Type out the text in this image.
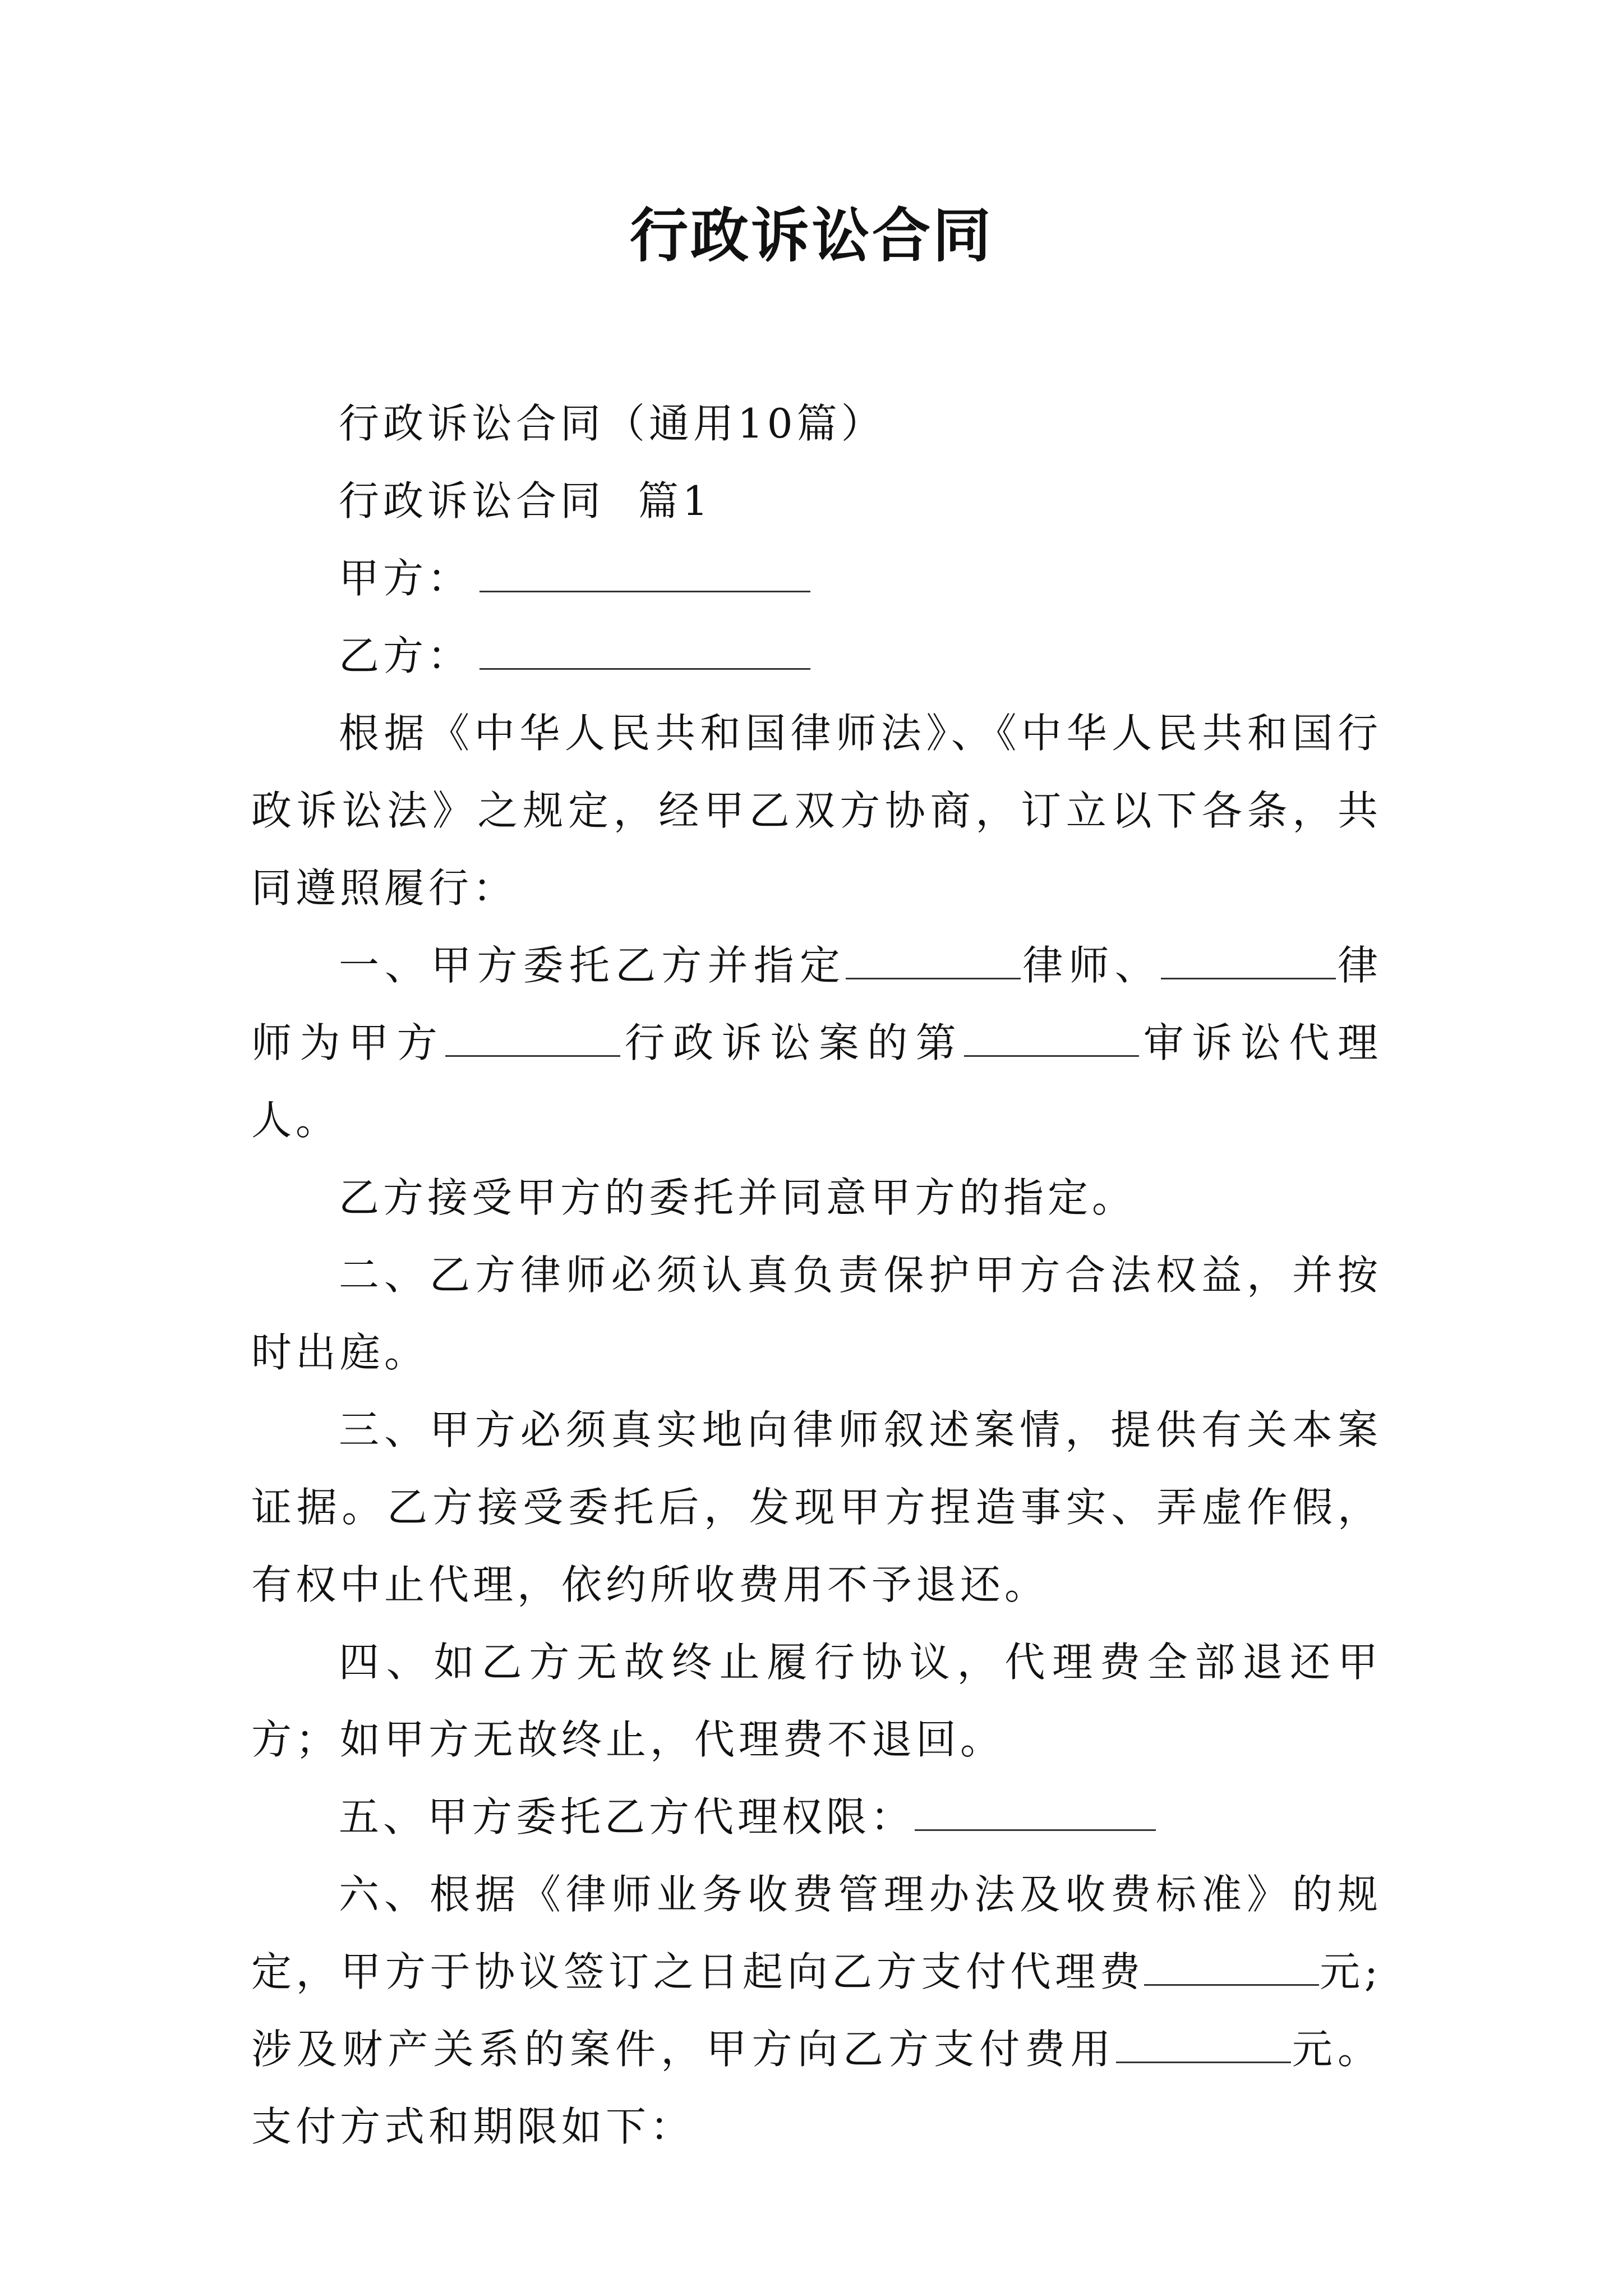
行政诉讼合同

行政诉讼合同（通用10篇）

行政诉讼合同  篇1

甲方：

乙方：

根据《中华人民共和国律师法》、《中华人民共和国行政诉讼法》之规定，经甲乙双方协商，订立以下各条，共同遵照履行：

一、甲方委托乙方并指定	律师、	律师为甲方	行政诉讼案的第	审诉讼代理人。

乙方接受甲方的委托并同意甲方的指定。

二、乙方律师必须认真负责保护甲方合法权益，并按时出庭。

三、甲方必须真实地向律师叙述案情，提供有关本案证据。乙方接受委托后，发现甲方捏造事实、弄虚作假，有权中止代理，依约所收费用不予退还。

四、如乙方无故终止履行协议，代理费全部退还甲方；如甲方无故终止，代理费不退回。

五、甲方委托乙方代理权限：

六、根据《律师业务收费管理办法及收费标准》的规定，甲方于协议签订之日起向乙方支付代理费	元;涉及财产关系的案件，甲方向乙方支付费用	元。支付方式和期限如下：
